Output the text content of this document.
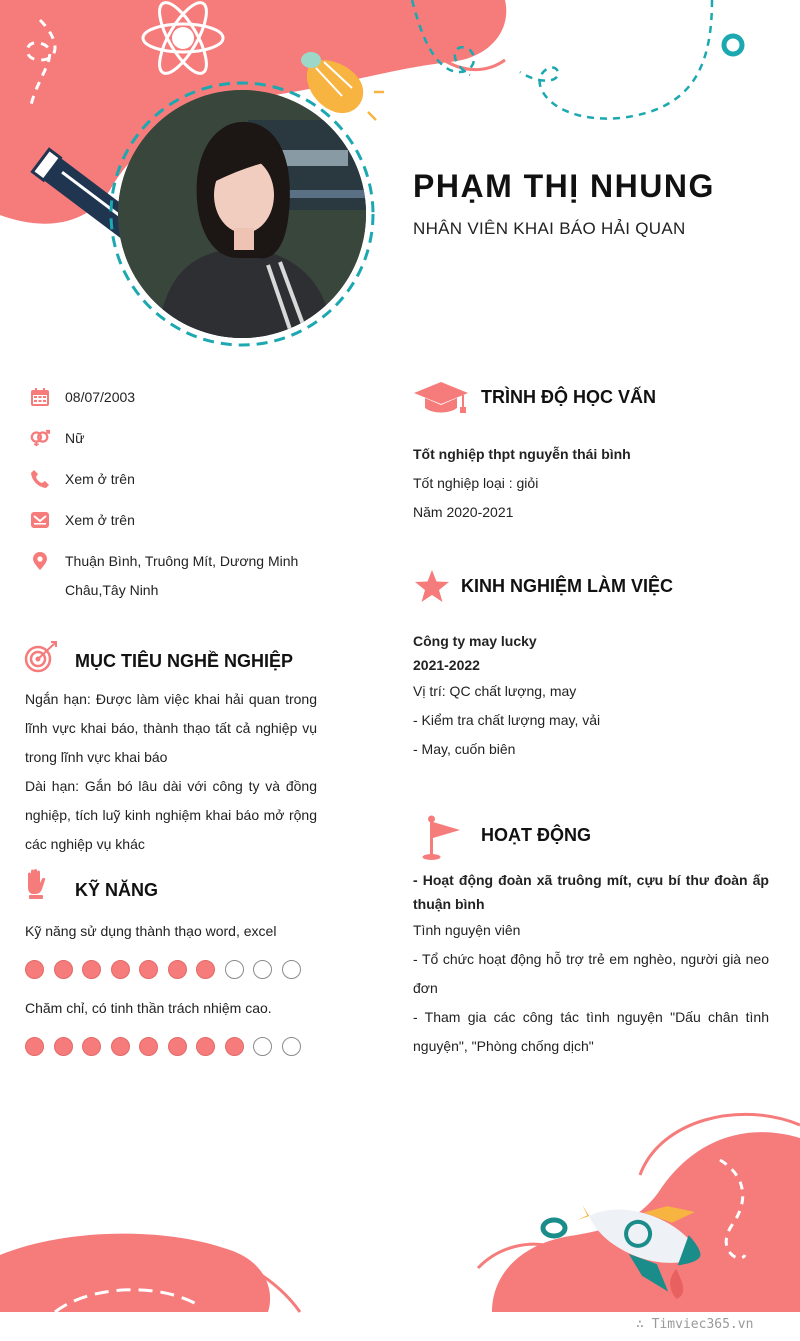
PHẠM THỊ NHUNG
NHÂN VIÊN KHAI BÁO HẢI QUAN
08/07/2003
Nữ
Xem ở trên
Xem ở trên
Thuận Bình, Truông Mít, Dương Minh Châu,Tây Ninh
MỤC TIÊU NGHỀ NGHIỆP

Ngắn hạn: Được làm việc khai hải quan trong lĩnh vực khai báo, thành thạo tất cả nghiệp vụ trong lĩnh vực khai báo

Dài hạn: Gắn bó lâu dài với công ty và đồng nghiệp, tích luỹ kinh nghiệm khai báo mở rộng các nghiệp vụ khác

KỸ NĂNG
Kỹ năng sử dụng thành thạo word, excel
Chăm chỉ, có tinh thần trách nhiệm cao.
TRÌNH ĐỘ HỌC VẤN

Tốt nghiệp thpt nguyễn thái bình

Tốt nghiệp loại : giỏi

Năm 2020-2021

KINH NGHIỆM LÀM VIỆC

Công ty may lucky

2021-2022

Vị trí: QC chất lượng, may

- Kiểm tra chất lượng may, vải

- May, cuốn biên

HOẠT ĐỘNG

- Hoạt động đoàn xã truông mít, cựu bí thư đoàn ấp thuận bình

Tình nguyện viên

- Tổ chức hoạt động hỗ trợ trẻ em nghèo, người già neo đơn

- Tham gia các công tác tình nguyện "Dấu chân tình nguyện", "Phòng chống dịch"

∴ Timviec365.vn
